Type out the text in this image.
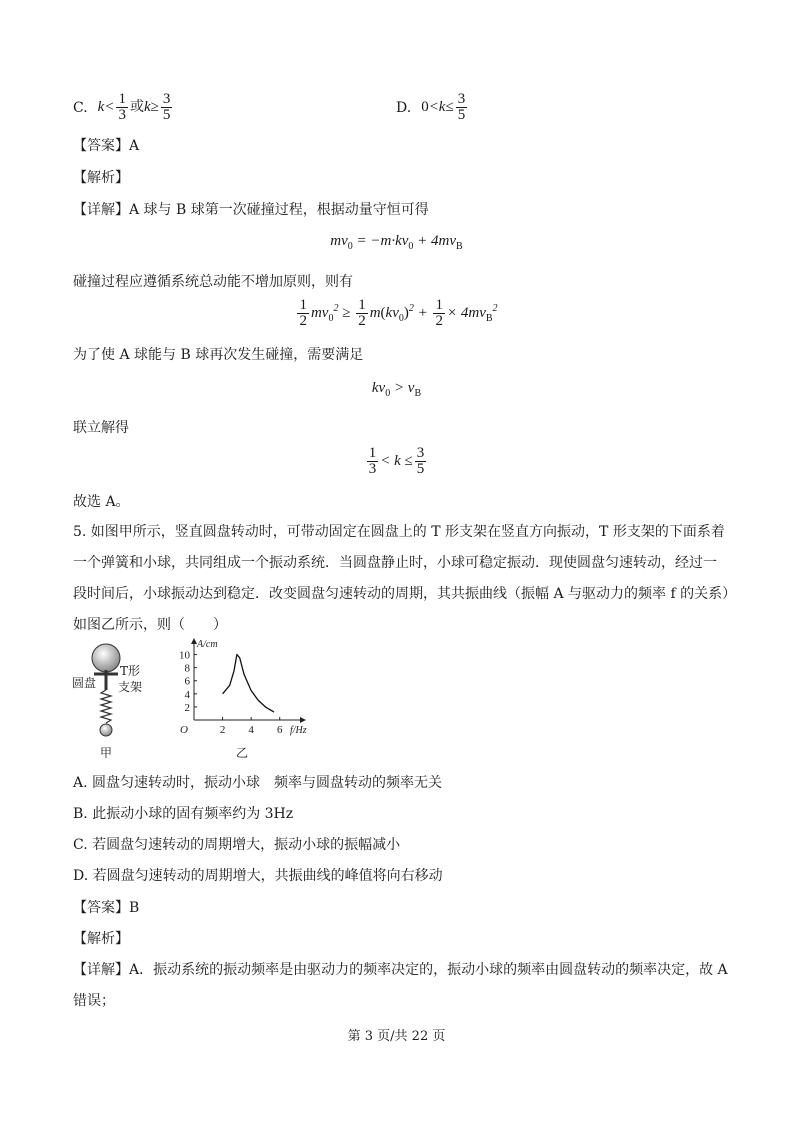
C. $k< \frac{1}{3}$ 或$k\ge \frac{3}{5}$	D. $0<k\le \frac{3}{5}$
【答案】A
【解析】
【详解】A 球与 B 球第一次碰撞过程，根据动量守恒可得
$mv_0 = -m\cdot kv_0 + 4mv_B$
碰撞过程应遵循系统总动能不增加原则，则有
$\frac{1}{2} mv_0^2 \ge \frac{1}{2} m(kv_0)^2 + \frac{1}{2} \times 4mv_B^2$
为了使 A 球能与 B 球再次发生碰撞，需要满足
$kv_0 > v_B$
联立解得
$\frac{1}{3} < k \le \frac{3}{5}$
故选 A。
5. 如图甲所示，竖直圆盘转动时，可带动固定在圆盘上的 T 形支架在竖直方向振动，T 形支架的下面系着
一个弹簧和小球，共同组成一个振动系统．当圆盘静止时，小球可稳定振动．现使圆盘匀速转动，经过一
段时间后，小球振动达到稳定．改变圆盘匀速转动的周期，其共振曲线（振幅 A 与驱动力的频率 f 的关系）
如图乙所示，则（　　）
圆盘
T形
支架
甲
2
4
6
8
10
2 4 6
O
A/cm
f/Hz
乙
A. 圆盘匀速转动时，振动小球　频率与圆盘转动的频率无关
B. 此振动小球的固有频率约为 3Hz
C. 若圆盘匀速转动的周期增大，振动小球的振幅减小
D. 若圆盘匀速转动的周期增大，共振曲线的峰值将向右移动
【答案】B
【解析】
【详解】A．振动系统的振动频率是由驱动力的频率决定的，振动小球的频率由圆盘转动的频率决定，故 A
错误；
第 3 页/共 22 页
